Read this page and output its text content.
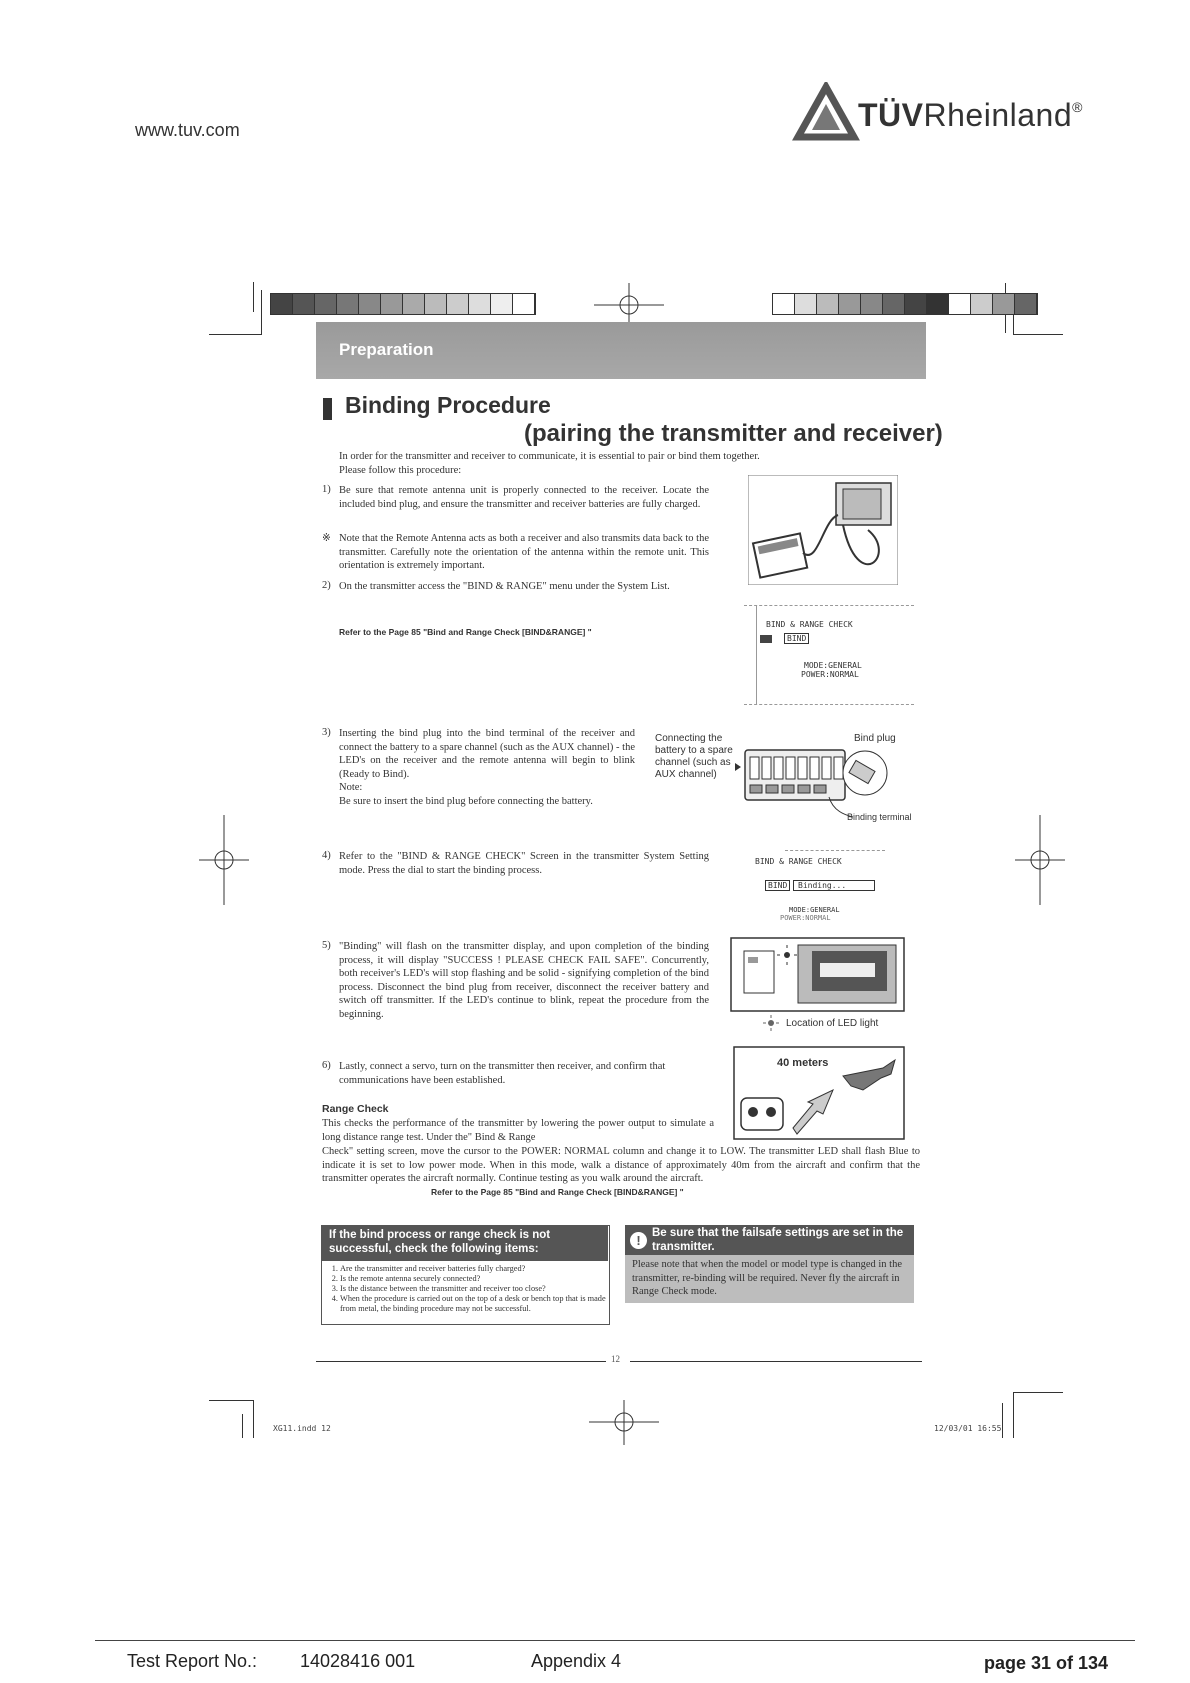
www.tuv.com	TÜVRheinland®
XG11.indd 12	12/03/01 16:55
Preparation
Binding Procedure
(pairing the transmitter and receiver)
In order for the transmitter and receiver to communicate, it is essential to pair or bind them together.
Please follow this procedure:
1) Be sure that remote antenna unit is properly connected to the receiver. Locate the included bind plug, and ensure the transmitter and receiver batteries are fully charged.
※ Note that the Remote Antenna acts as both a receiver and also transmits data back to the transmitter. Carefully note the orientation of the antenna within the remote unit. This orientation is extremely important.
2) On the transmitter access the "BIND & RANGE" menu under the System List.
Refer to the Page 85 "Bind and Range Check [BIND&RANGE] "
BIND & RANGE CHECK
BIND
MODE:GENERAL
POWER:NORMAL
3) Inserting the bind plug into the bind terminal of the receiver and connect the battery to a spare channel (such as the AUX channel) - the LED's on the receiver and the remote antenna will begin to blink (Ready to Bind).
Note:
Be sure to insert the bind plug before connecting the battery.
Connecting the battery to a spare channel (such as AUX channel)
Bind plug
Binding terminal
4) Refer to the "BIND & RANGE CHECK" Screen in the transmitter System Setting mode. Press the dial to start the binding process.
BIND & RANGE CHECK
BIND	Binding...
MODE:GENERAL
POWER:NORMAL
5) "Binding" will flash on the transmitter display, and upon completion of the binding process, it will display "SUCCESS ! PLEASE CHECK FAIL SAFE". Concurrently, both receiver's LED's will stop flashing and be solid - signifying completion of the bind process. Disconnect the bind plug from receiver, disconnect the receiver battery and switch off transmitter. If the LED's continue to blink, repeat the procedure from the beginning.
Location of LED light
6) Lastly, connect a servo, turn on the transmitter then receiver, and confirm that communications have been established.
40 meters
Range Check
This checks the performance of the transmitter by lowering the power output to simulate a long distance range test. Under the" Bind & Range
Check" setting screen, move the cursor to the POWER: NORMAL column and change it to LOW. The transmitter LED shall flash Blue to indicate it is set to low power mode. When in this mode, walk a distance of approximately 40m from the aircraft and confirm that the transmitter operates the aircraft normally. Continue testing as you walk around the aircraft.
Refer to the Page 85 "Bind and Range Check [BIND&RANGE] "
If the bind process or range check is not successful, check the following items:
1. Are the transmitter and receiver batteries fully charged?
2. Is the remote antenna securely connected?
3. Is the distance between the transmitter and receiver too close?
4. When the procedure is carried out on the top of a desk or bench top that is made from metal, the binding procedure may not be successful.
! Be sure that the failsafe settings are set in the transmitter.
Please note that when the model or model type is changed in the transmitter, re-binding will be required. Never fly the aircraft in Range Check mode.
12
Test Report No.: 14028416 001	Appendix 4	page 31 of 134
